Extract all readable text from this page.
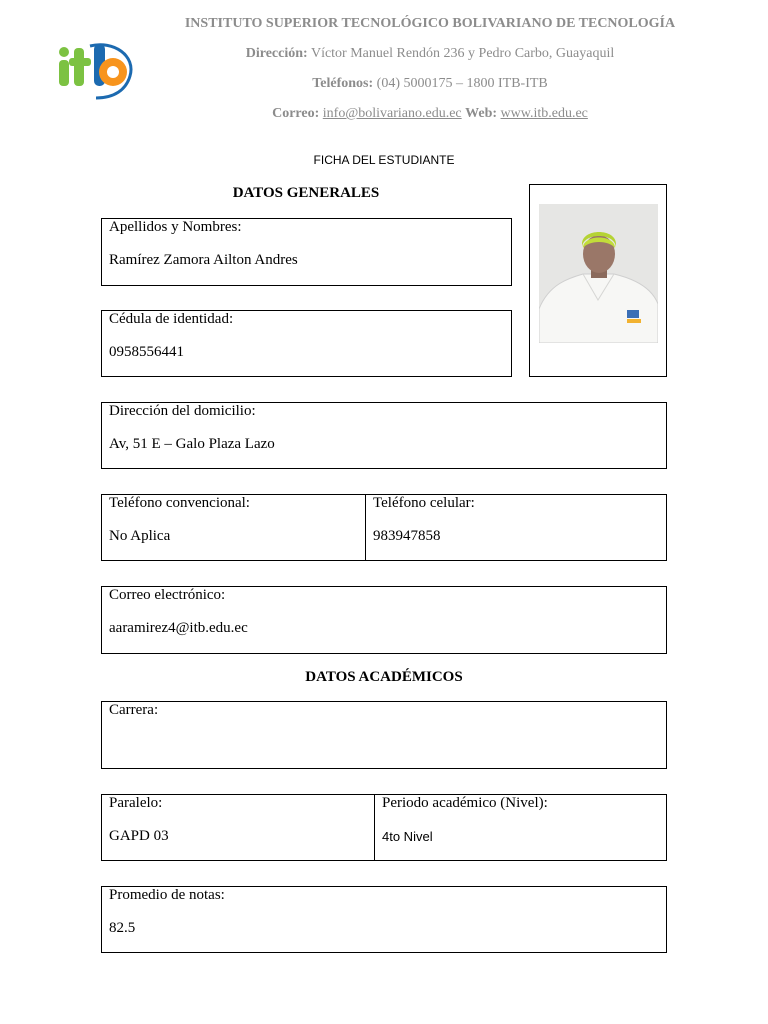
INSTITUTO SUPERIOR TECNOLÓGICO BOLIVARIANO DE TECNOLOGÍA
Dirección: Víctor Manuel Rendón 236 y Pedro Carbo, Guayaquil
Teléfonos: (04) 5000175 – 1800 ITB-ITB
Correo: info@bolivariano.edu.ec Web: www.itb.edu.ec
FICHA DEL ESTUDIANTE
DATOS GENERALES
Apellidos y Nombres:
Ramírez Zamora Ailton Andres
Cédula de identidad:
0958556441
Dirección del domicilio:
Av, 51 E – Galo Plaza Lazo
Teléfono convencional:
No Aplica
Teléfono celular:
983947858
Correo electrónico:
aaramirez4@itb.edu.ec
DATOS ACADÉMICOS
Carrera:
Paralelo:
GAPD 03
Periodo académico (Nivel):
4to Nivel
Promedio de notas:
82.5
